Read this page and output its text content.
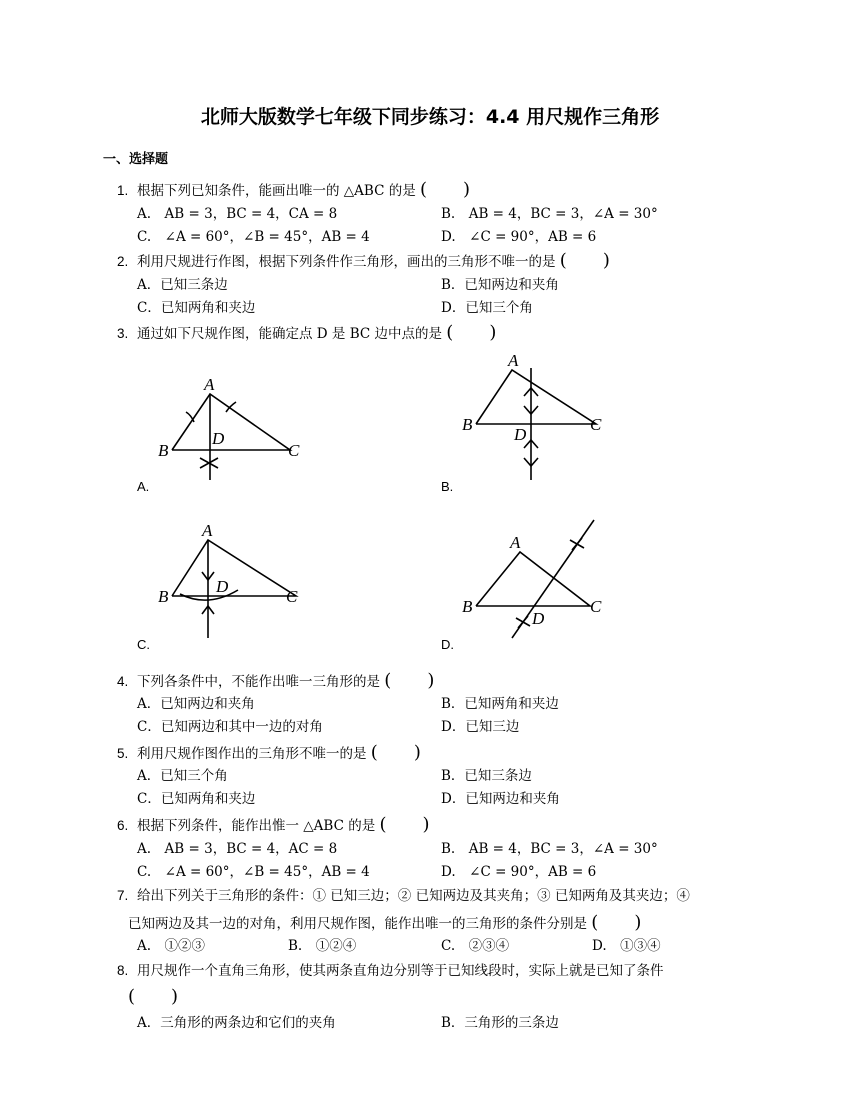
北师大版数学七年级下同步练习：4.4 用尺规作三角形
一、选择题
1. 根据下列已知条件，能画出唯一的 △ABC 的是 (　　)
A.　AB = 3，BC = 4，CA = 8	B.　AB = 4，BC = 3，∠A = 30°
C.　∠A = 60°，∠B = 45°，AB = 4	D.　∠C = 90°，AB = 6
2. 利用尺规进行作图，根据下列条件作三角形，画出的三角形不唯一的是 (　　)
A．已知三条边	B．已知两边和夹角
C．已知两角和夹边	D．已知三个角
3. 通过如下尺规作图，能确定点 D 是 BC 边中点的是 (　　)
A
B	C
D
A.
A
B	C
D
B.
A
B	C
D
C.
A
B	C
D
D.
4. 下列各条件中，不能作出唯一三角形的是 (　　)
A．已知两边和夹角	B．已知两角和夹边
C．已知两边和其中一边的对角	D．已知三边
5. 利用尺规作图作出的三角形不唯一的是 (　　)
A．已知三个角	B．已知三条边
C．已知两角和夹边	D．已知两边和夹角
6. 根据下列条件，能作出惟一 △ABC 的是 (　　)
A.　AB = 3，BC = 4，AC = 8	B.　AB = 4，BC = 3，∠A = 30°
C.　∠A = 60°，∠B = 45°，AB = 4	D.　∠C = 90°，AB = 6
7. 给出下列关于三角形的条件：① 已知三边；② 已知两边及其夹角；③ 已知两角及其夹边；④
已知两边及其一边的对角，利用尺规作图，能作出唯一的三角形的条件分别是 (　　)
A.　①②③	B.　①②④	C.　②③④	D.　①③④
8. 用尺规作一个直角三角形，使其两条直角边分别等于已知线段时，实际上就是已知了条件
(　　)
A．三角形的两条边和它们的夹角	B．三角形的三条边
